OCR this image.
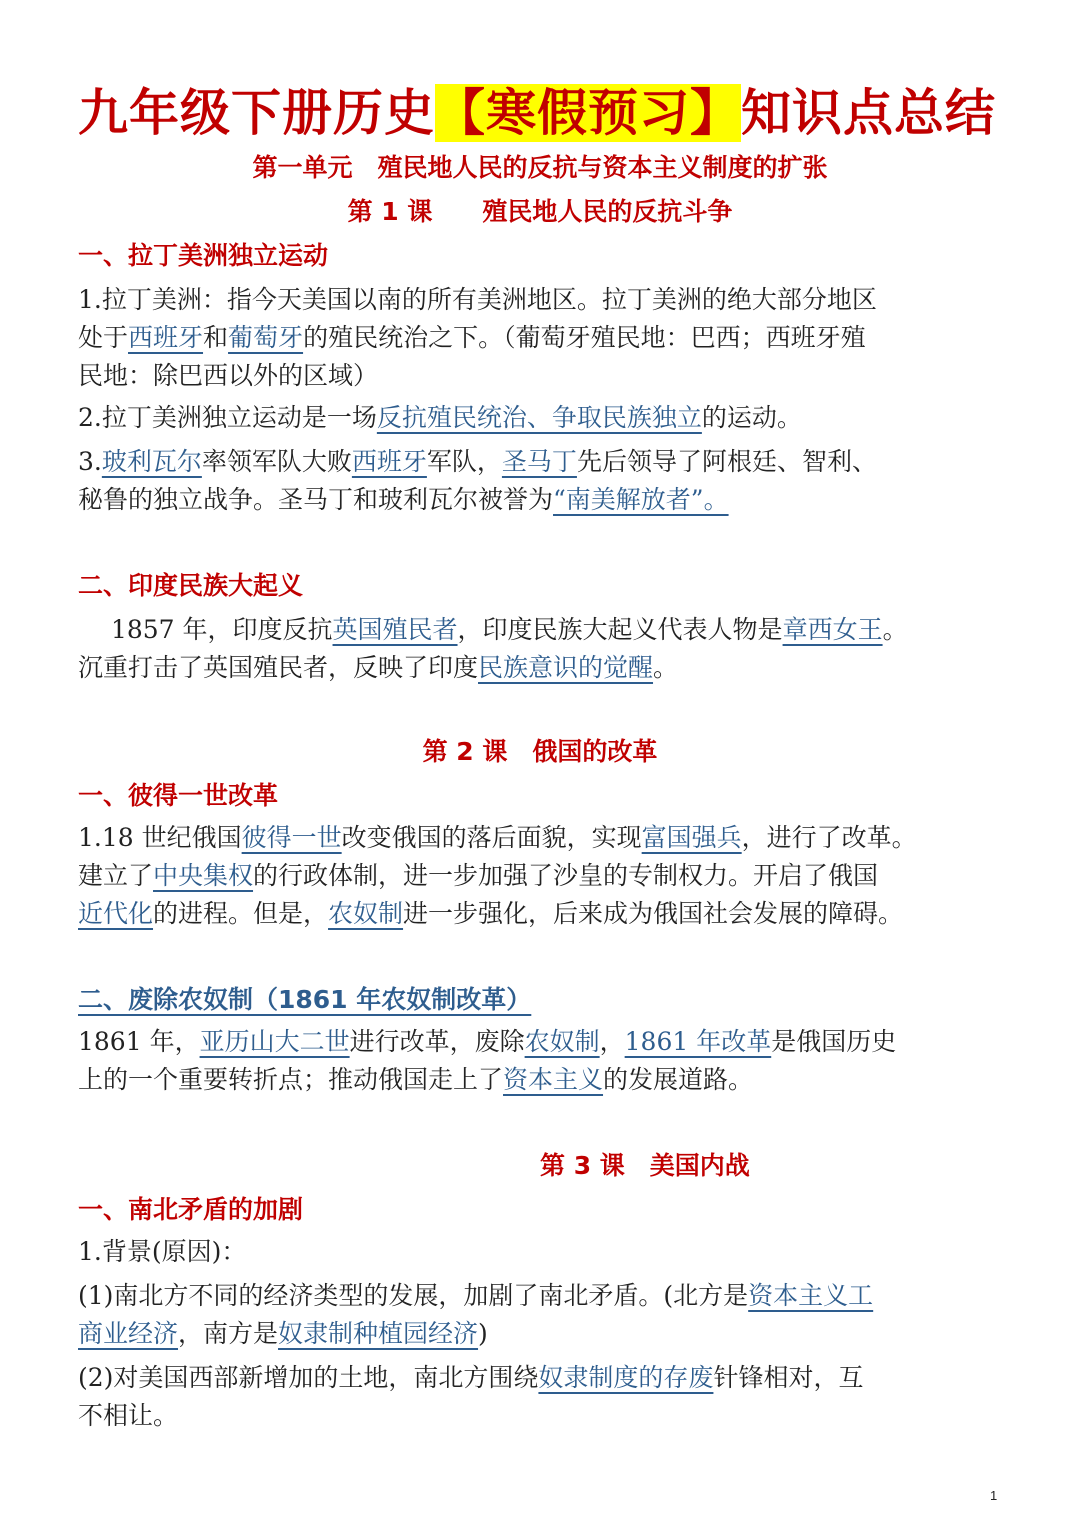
九年级下册历史【寒假预习】知识点总结
第一单元　殖民地人民的反抗与资本主义制度的扩张
第 1 课　　殖民地人民的反抗斗争
一、拉丁美洲独立运动
1.拉丁美洲：指今天美国以南的所有美洲地区。拉丁美洲的绝大部分地区
处于西班牙和葡萄牙的殖民统治之下。（葡萄牙殖民地：巴西；西班牙殖
民地：除巴西以外的区域）
2.拉丁美洲独立运动是一场反抗殖民统治、争取民族独立的运动。
3.玻利瓦尔率领军队大败西班牙军队，圣马丁先后领导了阿根廷、智利、
秘鲁的独立战争。圣马丁和玻利瓦尔被誉为“南美解放者”。
二、印度民族大起义
　 1857 年，印度反抗英国殖民者，印度民族大起义代表人物是章西女王。
沉重打击了英国殖民者，反映了印度民族意识的觉醒。
第 2 课　俄国的改革
一、彼得一世改革
1.18 世纪俄国彼得一世改变俄国的落后面貌，实现富国强兵，进行了改革。
建立了中央集权的行政体制，进一步加强了沙皇的专制权力。开启了俄国
近代化的进程。但是，农奴制进一步强化，后来成为俄国社会发展的障碍。
二、废除农奴制（1861 年农奴制改革）
1861 年，亚历山大二世进行改革，废除农奴制，1861 年改革是俄国历史
上的一个重要转折点；推动俄国走上了资本主义的发展道路。
第 3 课　美国内战
一、南北矛盾的加剧
1.背景(原因)：
(1)南北方不同的经济类型的发展，加剧了南北矛盾。(北方是资本主义工
商业经济，南方是奴隶制种植园经济)
(2)对美国西部新增加的土地，南北方围绕奴隶制度的存废针锋相对，互
不相让。
1
